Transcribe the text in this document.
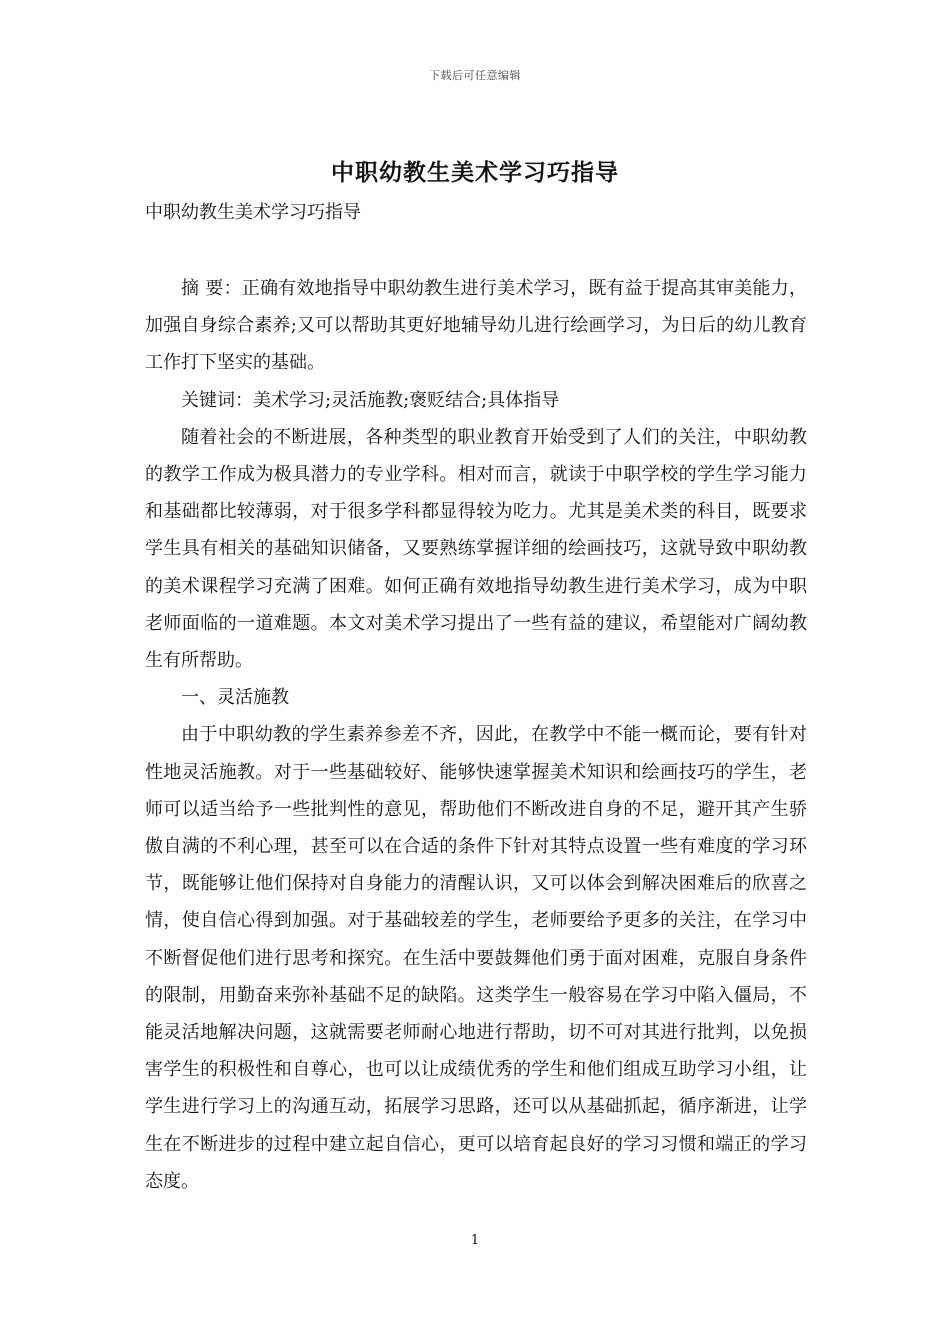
下载后可任意编辑
中职幼教生美术学习巧指导
中职幼教生美术学习巧指导

摘 要：正确有效地指导中职幼教生进行美术学习，既有益于提高其审美能力，加强自身综合素养;又可以帮助其更好地辅导幼儿进行绘画学习，为日后的幼儿教育工作打下坚实的基础。

关键词：美术学习;灵活施教;褒贬结合;具体指导

随着社会的不断进展，各种类型的职业教育开始受到了人们的关注，中职幼教的教学工作成为极具潜力的专业学科。相对而言，就读于中职学校的学生学习能力和基础都比较薄弱，对于很多学科都显得较为吃力。尤其是美术类的科目，既要求学生具有相关的基础知识储备，又要熟练掌握详细的绘画技巧，这就导致中职幼教的美术课程学习充满了困难。如何正确有效地指导幼教生进行美术学习，成为中职老师面临的一道难题。本文对美术学习提出了一些有益的建议，希望能对广阔幼教生有所帮助。

一、灵活施教

由于中职幼教的学生素养参差不齐，因此，在教学中不能一概而论，要有针对性地灵活施教。对于一些基础较好、能够快速掌握美术知识和绘画技巧的学生，老师可以适当给予一些批判性的意见，帮助他们不断改进自身的不足，避开其产生骄傲自满的不利心理，甚至可以在合适的条件下针对其特点设置一些有难度的学习环节，既能够让他们保持对自身能力的清醒认识，又可以体会到解决困难后的欣喜之情，使自信心得到加强。对于基础较差的学生，老师要给予更多的关注，在学习中不断督促他们进行思考和探究。在生活中要鼓舞他们勇于面对困难，克服自身条件的限制，用勤奋来弥补基础不足的缺陷。这类学生一般容易在学习中陷入僵局，不能灵活地解决问题，这就需要老师耐心地进行帮助，切不可对其进行批判，以免损害学生的积极性和自尊心，也可以让成绩优秀的学生和他们组成互助学习小组，让学生进行学习上的沟通互动，拓展学习思路，还可以从基础抓起，循序渐进，让学生在不断进步的过程中建立起自信心，更可以培育起良好的学习习惯和端正的学习态度。

1
